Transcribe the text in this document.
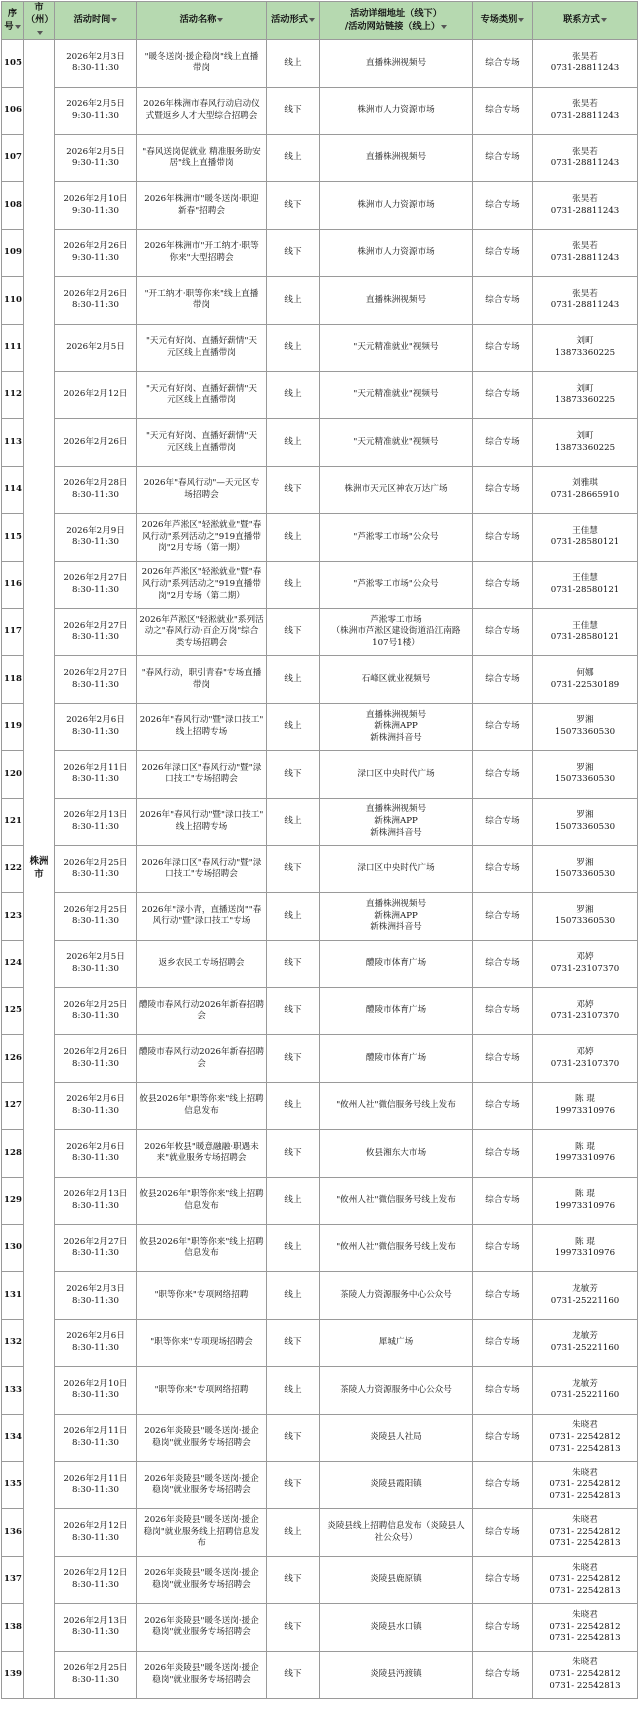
序号	市（州）	活动时间	活动名称	活动形式	活动详细地址（线下）
/活动网站链接（线上）	专场类别	联系方式

105	株洲市	2026年2月3日
8:30-11:30	"暖冬送岗·援企稳岗"线上直播
带岗	线上	直播株洲视频号	综合专场	张昊若
0731-28811243
106		2026年2月5日
9:30-11:30	2026年株洲市春风行动启动仪
式暨返乡人才大型综合招聘会	线下	株洲市人力资源市场	综合专场	张昊若
0731-28811243
107		2026年2月5日
9:30-11:30	"春风送岗促就业 精准服务助安
居"线上直播带岗	线上	直播株洲视频号	综合专场	张昊若
0731-28811243
108		2026年2月10日
9:30-11:30	2026年株洲市"暖冬送岗·职迎
新春"招聘会	线下	株洲市人力资源市场	综合专场	张昊若
0731-28811243
109		2026年2月26日
9:30-11:30	2026年株洲市"开工纳才·职等
你来"大型招聘会	线下	株洲市人力资源市场	综合专场	张昊若
0731-28811243
110		2026年2月26日
8:30-11:30	"开工纳才·职等你来"线上直播
带岗	线上	直播株洲视频号	综合专场	张昊若
0731-28811243
111		2026年2月5日	"天元有好岗、直播好薪情"天
元区线上直播带岗	线上	"天元精准就业"视频号	综合专场	刘町
13873360225
112		2026年2月12日	"天元有好岗、直播好薪情"天
元区线上直播带岗	线上	"天元精准就业"视频号	综合专场	刘町
13873360225
113		2026年2月26日	"天元有好岗、直播好薪情"天
元区线上直播带岗	线上	"天元精准就业"视频号	综合专场	刘町
13873360225
114		2026年2月28日
8:30-11:30	2026年"春风行动"—天元区专
场招聘会	线下	株洲市天元区神农万达广场	综合专场	刘雅琪
0731-28665910
115		2026年2月9日
8:30-11:30	2026年芦淞区"轻淞就业"暨"春
风行动"系列活动之"919直播带
岗"2月专场（第一期）	线上	"芦淞零工市场"公众号	综合专场	王佳慧
0731-28580121
116		2026年2月27日
8:30-11:30	2026年芦淞区"轻淞就业"暨"春
风行动"系列活动之"919直播带
岗"2月专场（第二期）	线上	"芦淞零工市场"公众号	综合专场	王佳慧
0731-28580121
117		2026年2月27日
8:30-11:30	2026年芦淞区"轻淞就业"系列活
动之"春风行动·百企万岗"综合
类专场招聘会	线下	芦淞零工市场
（株洲市芦淞区建设街道沿江南路
107号1楼）	综合专场	王佳慧
0731-28580121
118		2026年2月27日
8:30-11:30	"春风行动，职引青春"专场直播
带岗	线上	石峰区就业视频号	综合专场	何娜
0731-22530189
119		2026年2月6日
8:30-11:30	2026年"春风行动"暨"渌口技工"
线上招聘专场	线上	直播株洲视频号
新株洲APP
新株洲抖音号	综合专场	罗湘
15073360530
120		2026年2月11日
8:30-11:30	2026年渌口区"春风行动"暨"渌
口技工"专场招聘会	线下	渌口区中央时代广场	综合专场	罗湘
15073360530
121		2026年2月13日
8:30-11:30	2026年"春风行动"暨"渌口技工"
线上招聘专场	线上	直播株洲视频号
新株洲APP
新株洲抖音号	综合专场	罗湘
15073360530
122		2026年2月25日
8:30-11:30	2026年渌口区"春风行动"暨"渌
口技工"专场招聘会	线下	渌口区中央时代广场	综合专场	罗湘
15073360530
123		2026年2月25日
8:30-11:30	2026年"渌小青，直播送岗""春
风行动"暨"渌口技工"专场	线上	直播株洲视频号
新株洲APP
新株洲抖音号	综合专场	罗湘
15073360530
124		2026年2月5日
8:30-11:30	返乡农民工专场招聘会	线下	醴陵市体育广场	综合专场	邓婷
0731-23107370
125		2026年2月25日
8:30-11:30	醴陵市春风行动2026年新春招聘
会	线下	醴陵市体育广场	综合专场	邓婷
0731-23107370
126		2026年2月26日
8:30-11:30	醴陵市春风行动2026年新春招聘
会	线下	醴陵市体育广场	综合专场	邓婷
0731-23107370
127		2026年2月6日
8:30-11:30	攸县2026年"职等你来"线上招聘
信息发布	线上	"攸州人社"微信服务号线上发布	综合专场	陈 琨
19973310976
128		2026年2月6日
8:30-11:30	2026年攸县"暖意融融·职遇未
来"就业服务专场招聘会	线下	攸县湘东大市场	综合专场	陈 琨
19973310976
129		2026年2月13日
8:30-11:30	攸县2026年"职等你来"线上招聘
信息发布	线上	"攸州人社"微信服务号线上发布	综合专场	陈 琨
19973310976
130		2026年2月27日
8:30-11:30	攸县2026年"职等你来"线上招聘
信息发布	线上	"攸州人社"微信服务号线上发布	综合专场	陈 琨
19973310976
131		2026年2月3日
8:30-11:30	"职等你来"专项网络招聘	线上	茶陵人力资源服务中心公众号	综合专场	龙敏芳
0731-25221160
132		2026年2月6日
8:30-11:30	"职等你来"专项现场招聘会	线下	犀城广场	综合专场	龙敏芳
0731-25221160
133		2026年2月10日
8:30-11:30	"职等你来"专项网络招聘	线上	茶陵人力资源服务中心公众号	综合专场	龙敏芳
0731-25221160
134		2026年2月11日
8:30-11:30	2026年炎陵县"暖冬送岗·援企
稳岗"就业服务专场招聘会	线下	炎陵县人社局	综合专场	朱晓君
0731- 22542812
0731- 22542813
135		2026年2月11日
8:30-11:30	2026年炎陵县"暖冬送岗·援企
稳岗"就业服务专场招聘会	线下	炎陵县霞阳镇	综合专场	朱晓君
0731- 22542812
0731- 22542813
136		2026年2月12日
8:30-11:30	2026年炎陵县"暖冬送岗·援企
稳岗"就业服务线上招聘信息发
布	线上	炎陵县线上招聘信息发布（炎陵县人
社公众号）	综合专场	朱晓君
0731- 22542812
0731- 22542813
137		2026年2月12日
8:30-11:30	2026年炎陵县"暖冬送岗·援企
稳岗"就业服务专场招聘会	线下	炎陵县鹿原镇	综合专场	朱晓君
0731- 22542812
0731- 22542813
138		2026年2月13日
8:30-11:30	2026年炎陵县"暖冬送岗·援企
稳岗"就业服务专场招聘会	线下	炎陵县水口镇	综合专场	朱晓君
0731- 22542812
0731- 22542813
139		2026年2月25日
8:30-11:30	2026年炎陵县"暖冬送岗·援企
稳岗"就业服务专场招聘会	线下	炎陵县沔渡镇	综合专场	朱晓君
0731- 22542812
0731- 22542813
